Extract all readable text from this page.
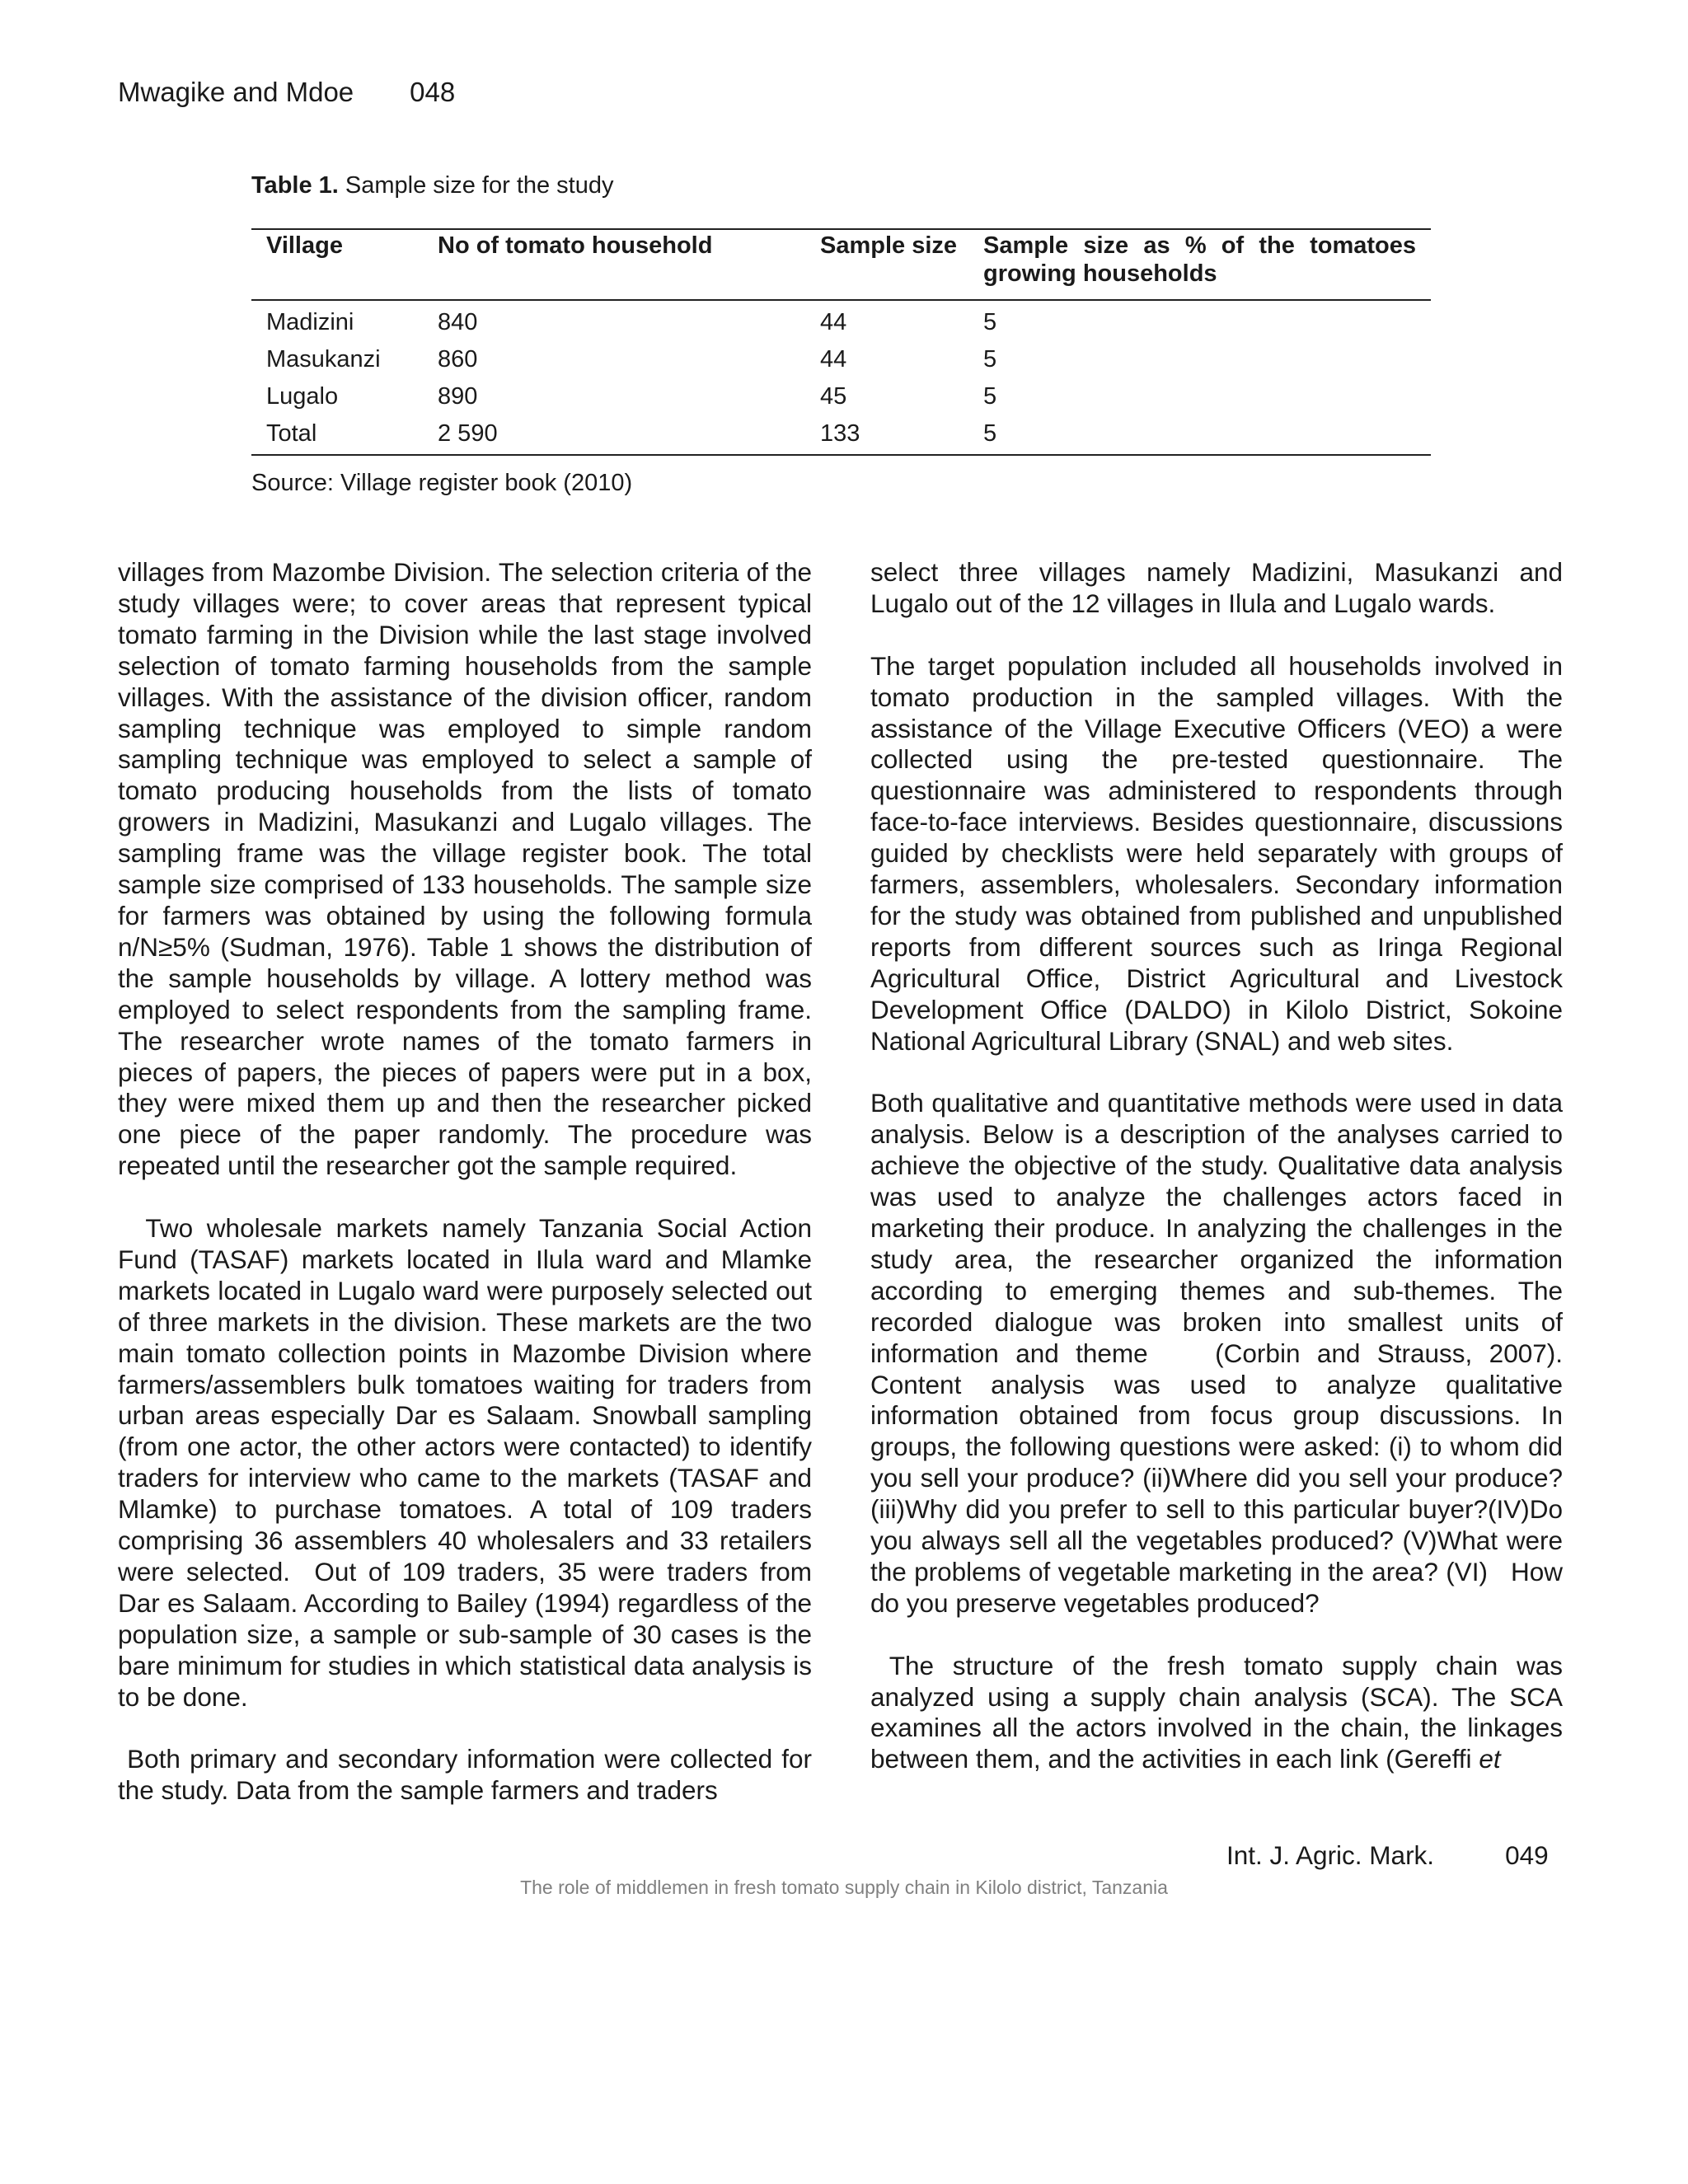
Mwagike and Mdoe 048
Table 1. Sample size for the study
Village	No of tomato household	Sample size	Sample size as % of the tomatoes growing households
Madizini	840	44	5
Masukanzi	860	44	5
Lugalo	890	45	5
Total	2 590	133	5
Source: Village register book (2010)

villages from Mazombe Division. The selection criteria of the study villages were; to cover areas that represent typical tomato farming in the Division while the last stage involved selection of tomato farming households from the sample villages. With the assistance of the division officer, random sampling technique was employed to simple random sampling technique was employed to select a sample of tomato producing households from the lists of tomato growers in Madizini, Masukanzi and Lugalo villages. The sampling frame was the village register book. The total sample size comprised of 133 households. The sample size for farmers was obtained by using the following formula n/N≥5% (Sudman, 1976). Table 1 shows the distribution of the sample households by village. A lottery method was employed to select respondents from the sampling frame. The researcher wrote names of the tomato farmers in pieces of papers, the pieces of papers were put in a box, they were mixed them up and then the researcher picked one piece of the paper randomly. The procedure was repeated until the researcher got the sample required.

Two wholesale markets namely Tanzania Social Action Fund (TASAF) markets located in Ilula ward and Mlamke markets located in Lugalo ward were purposely selected out of three markets in the division. These markets are the two main tomato collection points in Mazombe Division where farmers/assemblers bulk tomatoes waiting for traders from urban areas especially Dar es Salaam. Snowball sampling (from one actor, the other actors were contacted) to identify traders for interview who came to the markets (TASAF and Mlamke) to purchase tomatoes. A total of 109 traders comprising 36 assemblers 40 wholesalers and 33 retailers were selected.  Out of 109 traders, 35 were traders from Dar es Salaam. According to Bailey (1994) regardless of the population size, a sample or sub-sample of 30 cases is the bare minimum for studies in which statistical data analysis is to be done.

Both primary and secondary information were collected for the study. Data from the sample farmers and traders

select three villages namely Madizini, Masukanzi and Lugalo out of the 12 villages in Ilula and Lugalo wards.

The target population included all households involved in tomato production in the sampled villages. With the assistance of the Village Executive Officers (VEO) a were collected using the pre-tested questionnaire. The questionnaire was administered to respondents through face-to-face interviews. Besides questionnaire, discussions guided by checklists were held separately with groups of farmers, assemblers, wholesalers. Secondary information for the study was obtained from published and unpublished reports from different sources such as Iringa Regional Agricultural Office, District Agricultural and Livestock Development Office (DALDO) in Kilolo District, Sokoine National Agricultural Library (SNAL) and web sites.

Both qualitative and quantitative methods were used in data analysis. Below is a description of the analyses carried to achieve the objective of the study. Qualitative data analysis was used to analyze the challenges actors faced in marketing their produce. In analyzing the challenges in the study area, the researcher organized the information according to emerging themes and sub-themes. The recorded dialogue was broken into smallest units of information and theme    (Corbin and Strauss, 2007). Content analysis was used to analyze qualitative information obtained from focus group discussions. In groups, the following questions were asked: (i) to whom did you sell your produce? (ii)Where did you sell your produce? (iii)Why did you prefer to sell to this particular buyer?(IV)Do you always sell all the vegetables produced? (V)What were the problems of vegetable marketing in the area? (VI)   How do you preserve vegetables produced?

The structure of the fresh tomato supply chain was analyzed using a supply chain analysis (SCA). The SCA examines all the actors involved in the chain, the linkages between them, and the activities in each link (Gereffi et

Int. J. Agric. Mark.	049
The role of middlemen in fresh tomato supply chain in Kilolo district, Tanzania
